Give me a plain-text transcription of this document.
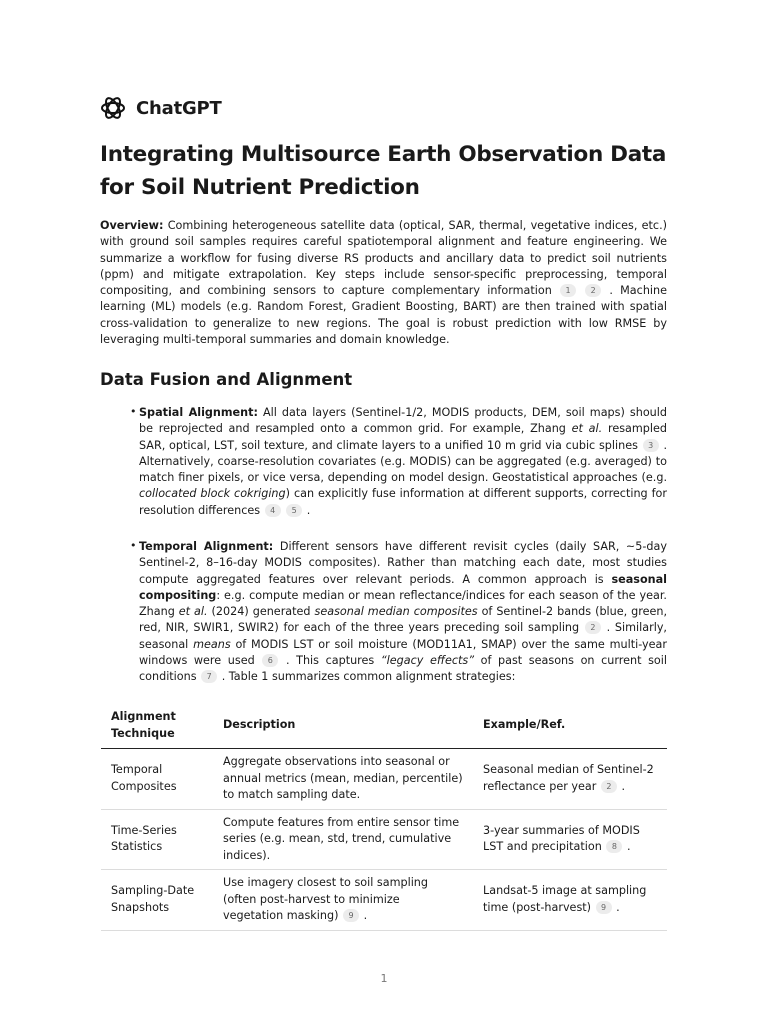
ChatGPT
Integrating Multisource Earth Observation Data for Soil Nutrient Prediction

Overview: Combining heterogeneous satellite data (optical, SAR, thermal, vegetative indices, etc.) with ground soil samples requires careful spatiotemporal alignment and feature engineering. We summarize a workflow for fusing diverse RS products and ancillary data to predict soil nutrients (ppm) and mitigate extrapolation. Key steps include sensor-specific preprocessing, temporal compositing, and combining sensors to capture complementary information 1	2 . Machine learning (ML) models (e.g. Random Forest, Gradient Boosting, BART) are then trained with spatial cross-validation to generalize to new regions. The goal is robust prediction with low RMSE by leveraging multi-temporal summaries and domain knowledge.

Data Fusion and Alignment
• Spatial Alignment: All data layers (Sentinel-1/2, MODIS products, DEM, soil maps) should be reprojected and resampled onto a common grid. For example, Zhang et al. resampled SAR, optical, LST, soil texture, and climate layers to a unified 10 m grid via cubic splines 3 . Alternatively, coarse-resolution covariates (e.g. MODIS) can be aggregated (e.g. averaged) to match finer pixels, or vice versa, depending on model design. Geostatistical approaches (e.g. collocated block cokriging) can explicitly fuse information at different supports, correcting for resolution differences 4 5 .

• Temporal Alignment: Different sensors have different revisit cycles (daily SAR, ~5-day Sentinel-2, 8–16-day MODIS composites). Rather than matching each date, most studies compute aggregated features over relevant periods. A common approach is seasonal compositing: e.g. compute median or mean reflectance/indices for each season of the year. Zhang et al. (2024) generated seasonal median composites of Sentinel-2 bands (blue, green, red, NIR, SWIR1, SWIR2) for each of the three years preceding soil sampling 2 . Similarly, seasonal means of MODIS LST or soil moisture (MOD11A1, SMAP) over the same multi-year windows were used 6 . This captures “legacy effects” of past seasons on current soil conditions 7 . Table 1 summarizes common alignment strategies:

Alignment Technique	Description	Example/Ref.
Temporal Composites	Aggregate observations into seasonal or annual metrics (mean, median, percentile) to match sampling date.	Seasonal median of Sentinel-2 reflectance per year 2 .
Time-Series Statistics	Compute features from entire sensor time series (e.g. mean, std, trend, cumulative indices).	3-year summaries of MODIS LST and precipitation 8 .
Sampling-Date Snapshots	Use imagery closest to soil sampling (often post-harvest to minimize vegetation masking) 9 .	Landsat-5 image at sampling time (post-harvest) 9 .
1
